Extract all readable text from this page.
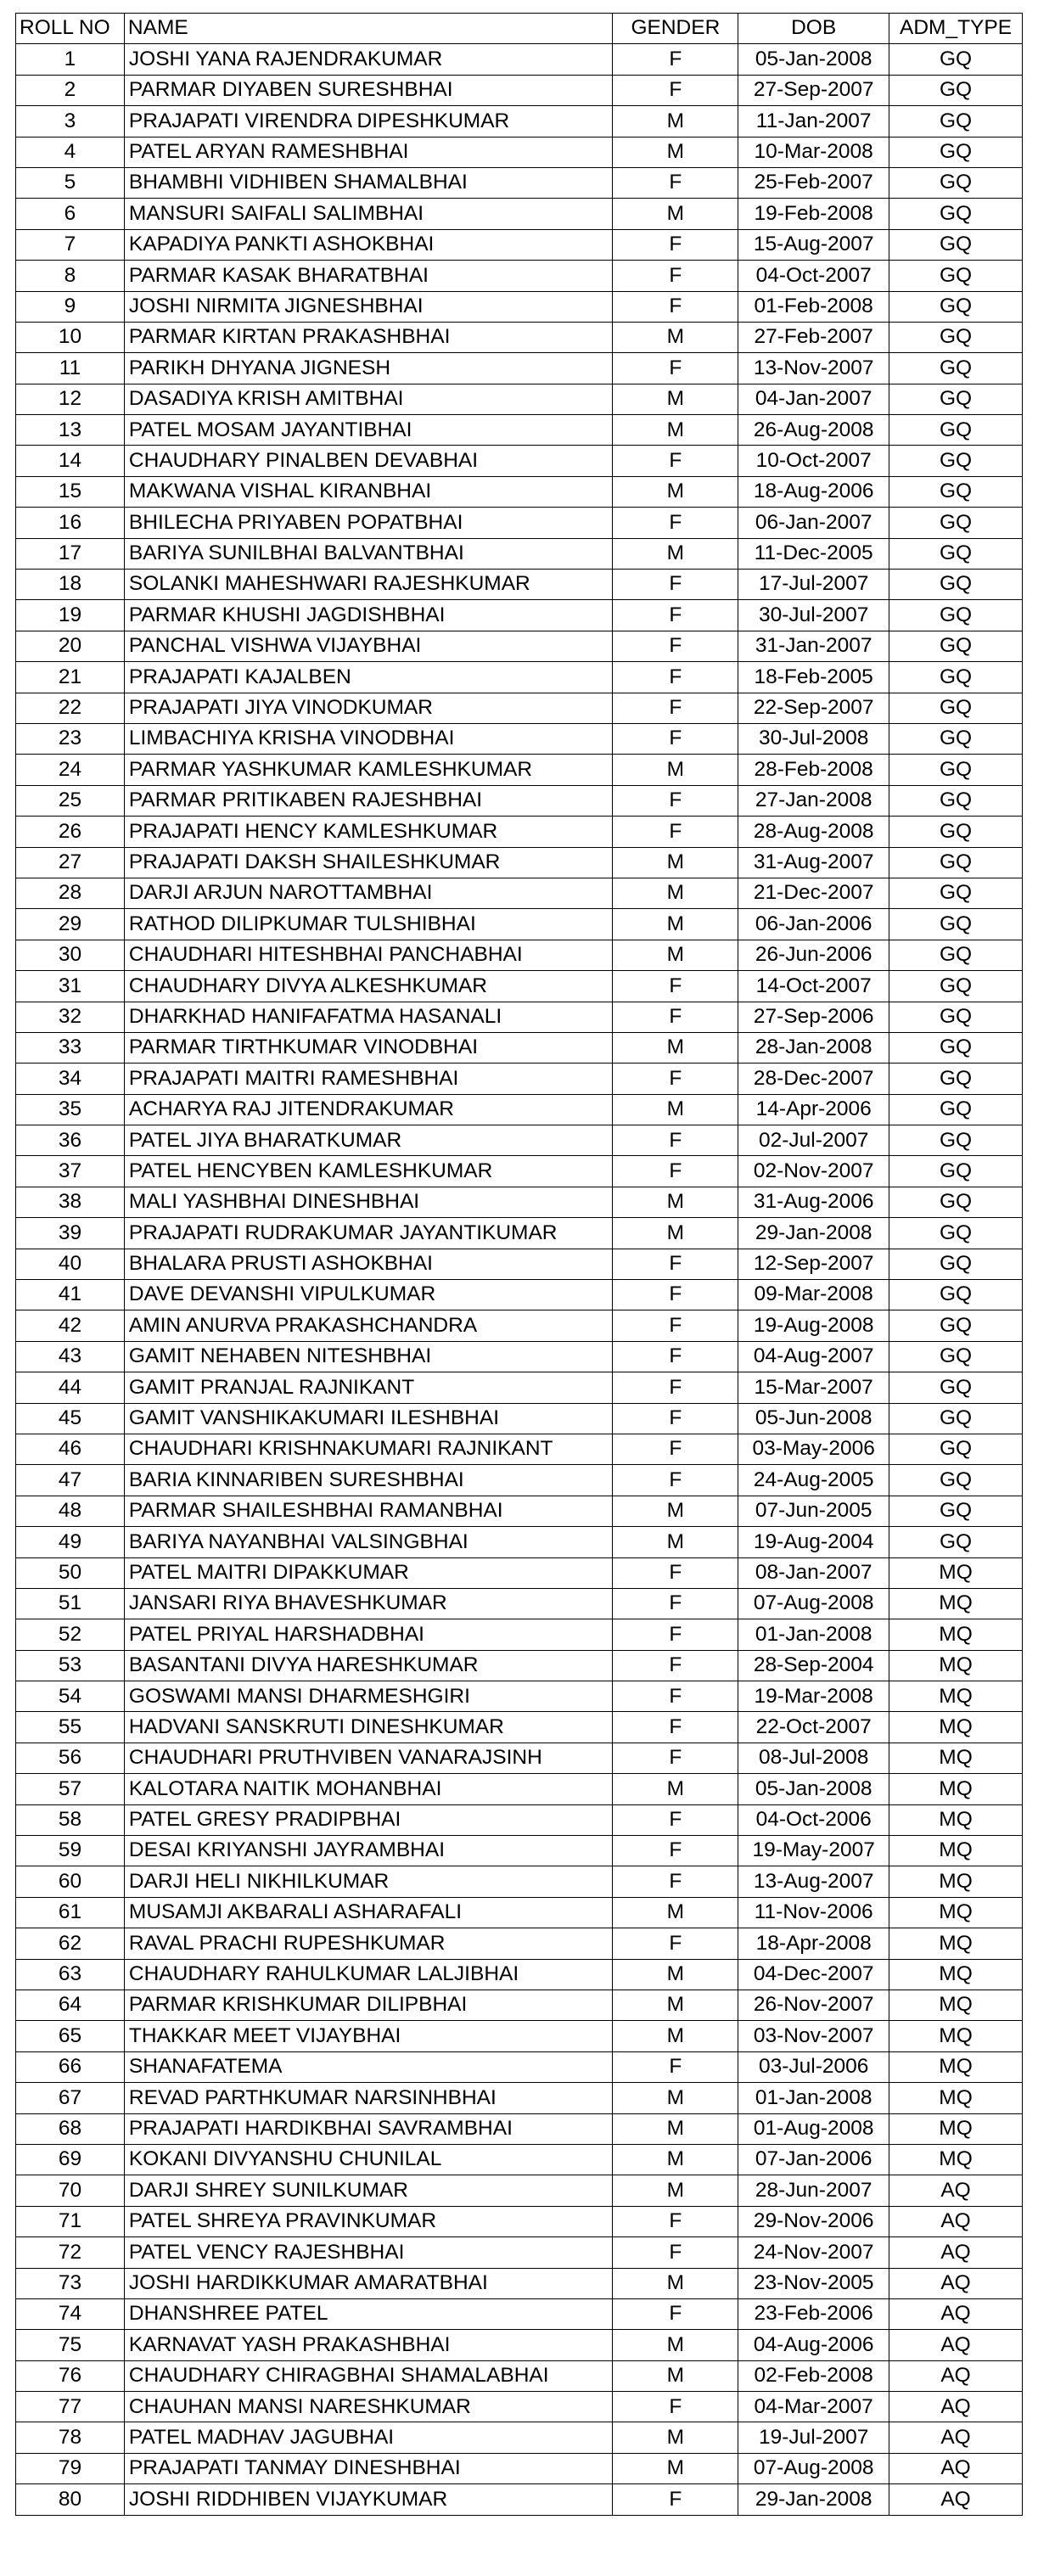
ROLL NO	NAME	GENDER	DOB	ADM_TYPE
1	JOSHI YANA RAJENDRAKUMAR	F	05-Jan-2008	GQ
2	PARMAR DIYABEN SURESHBHAI	F	27-Sep-2007	GQ
3	PRAJAPATI VIRENDRA DIPESHKUMAR	M	11-Jan-2007	GQ
4	PATEL ARYAN RAMESHBHAI	M	10-Mar-2008	GQ
5	BHAMBHI VIDHIBEN SHAMALBHAI	F	25-Feb-2007	GQ
6	MANSURI SAIFALI SALIMBHAI	M	19-Feb-2008	GQ
7	KAPADIYA PANKTI ASHOKBHAI	F	15-Aug-2007	GQ
8	PARMAR KASAK BHARATBHAI	F	04-Oct-2007	GQ
9	JOSHI NIRMITA JIGNESHBHAI	F	01-Feb-2008	GQ
10	PARMAR KIRTAN PRAKASHBHAI	M	27-Feb-2007	GQ
11	PARIKH DHYANA JIGNESH	F	13-Nov-2007	GQ
12	DASADIYA KRISH AMITBHAI	M	04-Jan-2007	GQ
13	PATEL MOSAM JAYANTIBHAI	M	26-Aug-2008	GQ
14	CHAUDHARY PINALBEN DEVABHAI	F	10-Oct-2007	GQ
15	MAKWANA VISHAL KIRANBHAI	M	18-Aug-2006	GQ
16	BHILECHA PRIYABEN POPATBHAI	F	06-Jan-2007	GQ
17	BARIYA SUNILBHAI BALVANTBHAI	M	11-Dec-2005	GQ
18	SOLANKI MAHESHWARI RAJESHKUMAR	F	17-Jul-2007	GQ
19	PARMAR KHUSHI JAGDISHBHAI	F	30-Jul-2007	GQ
20	PANCHAL VISHWA VIJAYBHAI	F	31-Jan-2007	GQ
21	PRAJAPATI KAJALBEN	F	18-Feb-2005	GQ
22	PRAJAPATI JIYA VINODKUMAR	F	22-Sep-2007	GQ
23	LIMBACHIYA KRISHA VINODBHAI	F	30-Jul-2008	GQ
24	PARMAR YASHKUMAR KAMLESHKUMAR	M	28-Feb-2008	GQ
25	PARMAR PRITIKABEN RAJESHBHAI	F	27-Jan-2008	GQ
26	PRAJAPATI HENCY KAMLESHKUMAR	F	28-Aug-2008	GQ
27	PRAJAPATI DAKSH SHAILESHKUMAR	M	31-Aug-2007	GQ
28	DARJI ARJUN NAROTTAMBHAI	M	21-Dec-2007	GQ
29	RATHOD DILIPKUMAR TULSHIBHAI	M	06-Jan-2006	GQ
30	CHAUDHARI HITESHBHAI PANCHABHAI	M	26-Jun-2006	GQ
31	CHAUDHARY DIVYA ALKESHKUMAR	F	14-Oct-2007	GQ
32	DHARKHAD HANIFAFATMA HASANALI	F	27-Sep-2006	GQ
33	PARMAR TIRTHKUMAR VINODBHAI	M	28-Jan-2008	GQ
34	PRAJAPATI MAITRI RAMESHBHAI	F	28-Dec-2007	GQ
35	ACHARYA RAJ JITENDRAKUMAR	M	14-Apr-2006	GQ
36	PATEL JIYA BHARATKUMAR	F	02-Jul-2007	GQ
37	PATEL HENCYBEN KAMLESHKUMAR	F	02-Nov-2007	GQ
38	MALI YASHBHAI DINESHBHAI	M	31-Aug-2006	GQ
39	PRAJAPATI RUDRAKUMAR JAYANTIKUMAR	M	29-Jan-2008	GQ
40	BHALARA PRUSTI ASHOKBHAI	F	12-Sep-2007	GQ
41	DAVE DEVANSHI VIPULKUMAR	F	09-Mar-2008	GQ
42	AMIN ANURVA PRAKASHCHANDRA	F	19-Aug-2008	GQ
43	GAMIT NEHABEN NITESHBHAI	F	04-Aug-2007	GQ
44	GAMIT PRANJAL RAJNIKANT	F	15-Mar-2007	GQ
45	GAMIT VANSHIKAKUMARI ILESHBHAI	F	05-Jun-2008	GQ
46	CHAUDHARI KRISHNAKUMARI RAJNIKANT	F	03-May-2006	GQ
47	BARIA KINNARIBEN SURESHBHAI	F	24-Aug-2005	GQ
48	PARMAR SHAILESHBHAI RAMANBHAI	M	07-Jun-2005	GQ
49	BARIYA NAYANBHAI VALSINGBHAI	M	19-Aug-2004	GQ
50	PATEL MAITRI DIPAKKUMAR	F	08-Jan-2007	MQ
51	JANSARI RIYA BHAVESHKUMAR	F	07-Aug-2008	MQ
52	PATEL PRIYAL HARSHADBHAI	F	01-Jan-2008	MQ
53	BASANTANI DIVYA HARESHKUMAR	F	28-Sep-2004	MQ
54	GOSWAMI MANSI DHARMESHGIRI	F	19-Mar-2008	MQ
55	HADVANI SANSKRUTI DINESHKUMAR	F	22-Oct-2007	MQ
56	CHAUDHARI PRUTHVIBEN VANARAJSINH	F	08-Jul-2008	MQ
57	KALOTARA NAITIK MOHANBHAI	M	05-Jan-2008	MQ
58	PATEL GRESY PRADIPBHAI	F	04-Oct-2006	MQ
59	DESAI KRIYANSHI JAYRAMBHAI	F	19-May-2007	MQ
60	DARJI HELI NIKHILKUMAR	F	13-Aug-2007	MQ
61	MUSAMJI AKBARALI ASHARAFALI	M	11-Nov-2006	MQ
62	RAVAL PRACHI RUPESHKUMAR	F	18-Apr-2008	MQ
63	CHAUDHARY RAHULKUMAR LALJIBHAI	M	04-Dec-2007	MQ
64	PARMAR KRISHKUMAR DILIPBHAI	M	26-Nov-2007	MQ
65	THAKKAR MEET VIJAYBHAI	M	03-Nov-2007	MQ
66	SHANAFATEMA	F	03-Jul-2006	MQ
67	REVAD PARTHKUMAR NARSINHBHAI	M	01-Jan-2008	MQ
68	PRAJAPATI HARDIKBHAI SAVRAMBHAI	M	01-Aug-2008	MQ
69	KOKANI DIVYANSHU CHUNILAL	M	07-Jan-2006	MQ
70	DARJI SHREY SUNILKUMAR	M	28-Jun-2007	AQ
71	PATEL SHREYA PRAVINKUMAR	F	29-Nov-2006	AQ
72	PATEL VENCY RAJESHBHAI	F	24-Nov-2007	AQ
73	JOSHI HARDIKKUMAR AMARATBHAI	M	23-Nov-2005	AQ
74	DHANSHREE PATEL	F	23-Feb-2006	AQ
75	KARNAVAT YASH PRAKASHBHAI	M	04-Aug-2006	AQ
76	CHAUDHARY CHIRAGBHAI SHAMALABHAI	M	02-Feb-2008	AQ
77	CHAUHAN MANSI NARESHKUMAR	F	04-Mar-2007	AQ
78	PATEL MADHAV JAGUBHAI	M	19-Jul-2007	AQ
79	PRAJAPATI TANMAY DINESHBHAI	M	07-Aug-2008	AQ
80	JOSHI RIDDHIBEN VIJAYKUMAR	F	29-Jan-2008	AQ
